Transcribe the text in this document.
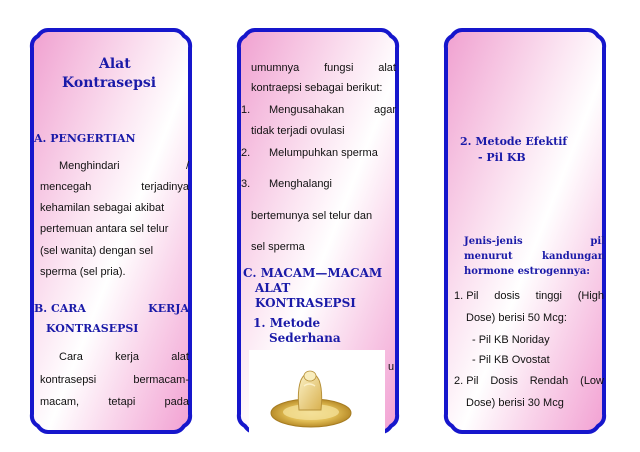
Alat
Kontrasepsi
A. PENGERTIAN
Menghindari	/
mencegah	terjadinya
kehamilan sebagai akibat
pertemuan antara sel telur
(sel wanita) dengan sel
sperma (sel pria).
B. CARA	KERJA
KONTRASEPSI
Cara	kerja	alat
kontrasepsi	bermacam-
macam,	tetapi	pada
umumnya fungsi alat
kontraepsi sebagai berikut:
1. Mengusahakan	agar
tidak terjadi ovulasi
2. Melumpuhkan sperma
3. Menghalangi
bertemunya sel telur dan
sel sperma
C. MACAM—MACAM
ALAT
KONTRASEPSI
1. Metode
Sederhana
u
2. Metode Efektif
- Pil KB
Jenis-jenis	pil
menurut	kandungan
hormone estrogennya:
1. Pil dosis tinggi (High
Dose) berisi 50 Mcg:
- Pil KB Noriday
- Pil KB Ovostat
2. Pil Dosis Rendah (Low
Dose) berisi 30 Mcg
